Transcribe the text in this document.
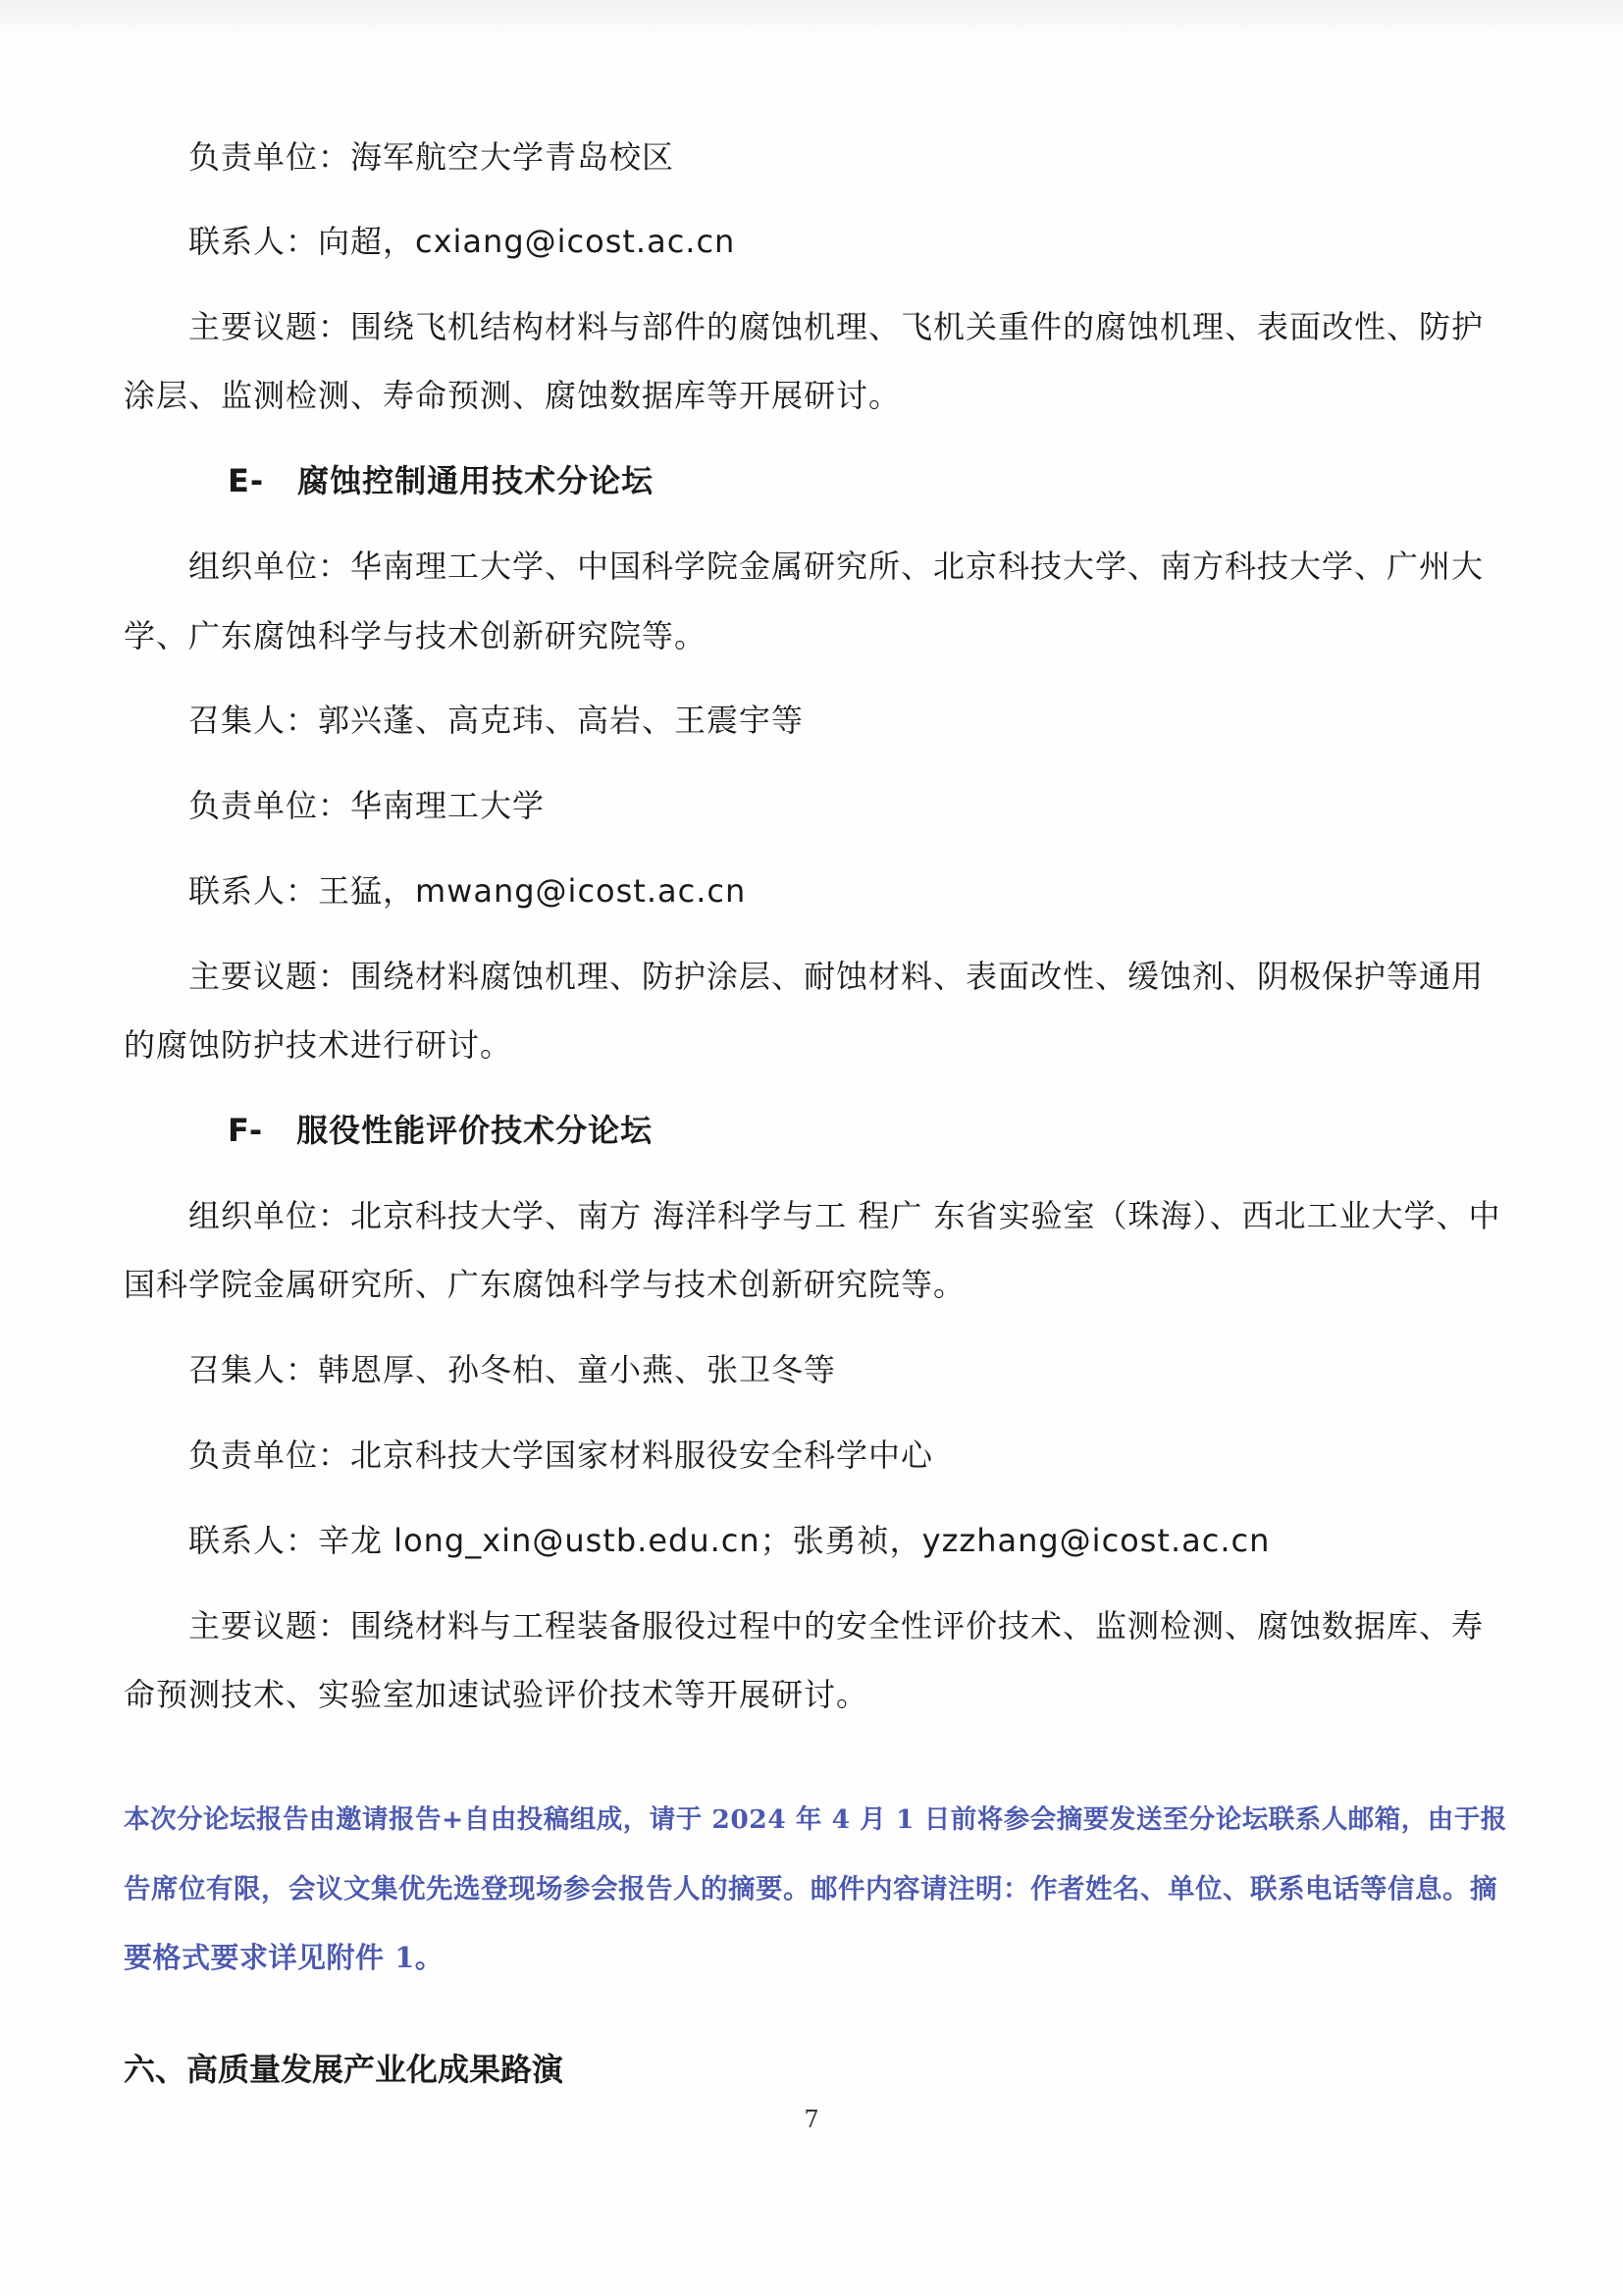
负责单位：海军航空大学青岛校区
联系人：向超，cxiang@icost.ac.cn
主要议题：围绕飞机结构材料与部件的腐蚀机理、飞机关重件的腐蚀机理、表面改性、防护
涂层、监测检测、寿命预测、腐蚀数据库等开展研讨。
E- 腐蚀控制通用技术分论坛
组织单位：华南理工大学、中国科学院金属研究所、北京科技大学、南方科技大学、广州大
学、广东腐蚀科学与技术创新研究院等。
召集人：郭兴蓬、高克玮、高岩、王震宇等
负责单位：华南理工大学
联系人：王猛，mwang@icost.ac.cn
主要议题：围绕材料腐蚀机理、防护涂层、耐蚀材料、表面改性、缓蚀剂、阴极保护等通用
的腐蚀防护技术进行研讨。
F- 服役性能评价技术分论坛
组织单位：北京科技大学、南方 海洋科学与工 程广 东省实验室（珠海）、西北工业大学、中
国科学院金属研究所、广东腐蚀科学与技术创新研究院等。
召集人：韩恩厚、孙冬柏、童小燕、张卫冬等
负责单位：北京科技大学国家材料服役安全科学中心
联系人：辛龙 long_xin@ustb.edu.cn；张勇祯，yzzhang@icost.ac.cn
主要议题：围绕材料与工程装备服役过程中的安全性评价技术、监测检测、腐蚀数据库、寿
命预测技术、实验室加速试验评价技术等开展研讨。
本次分论坛报告由邀请报告+自由投稿组成，请于 2024 年 4 月 1 日前将参会摘要发送至分论坛联系人邮箱，由于报
告席位有限，会议文集优先选登现场参会报告人的摘要。邮件内容请注明：作者姓名、单位、联系电话等信息。摘
要格式要求详见附件 1。
六、高质量发展产业化成果路演
7
